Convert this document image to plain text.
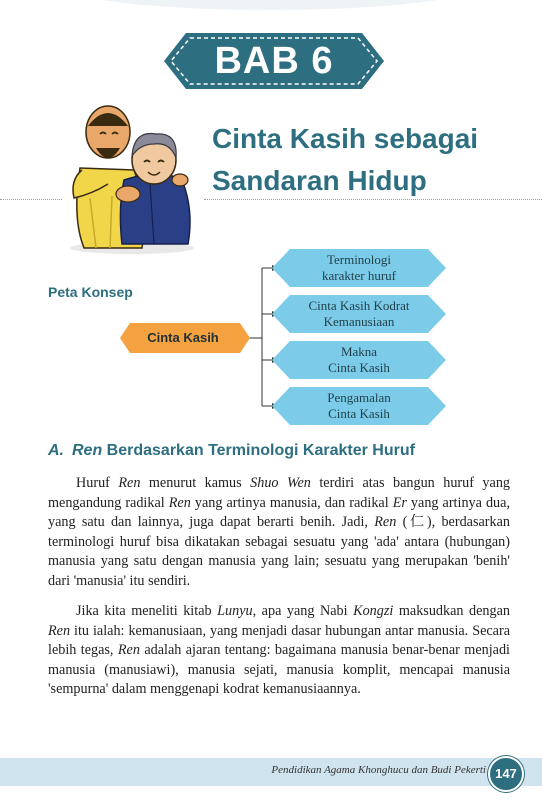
BAB 6
Cinta Kasih sebagai
Sandaran Hidup
Peta Konsep
Cinta Kasih
Terminologi
karakter huruf
Cinta Kasih Kodrat
Kemanusiaan
Makna
Cinta Kasih
Pengamalan
Cinta Kasih
A. Ren Berdasarkan Terminologi Karakter Huruf

Huruf Ren menurut kamus Shuo Wen terdiri atas bangun huruf yang mengandung radikal Ren yang artinya manusia, dan radikal Er yang artinya dua, yang satu dan lainnya, juga dapat berarti benih. Jadi, Ren (仁), berdasarkan terminologi huruf bisa dikatakan sebagai sesuatu yang 'ada' antara (hubungan) manusia yang satu dengan manusia yang lain; sesuatu yang merupakan 'benih' dari 'manusia' itu sendiri.

Jika kita meneliti kitab Lunyu, apa yang Nabi Kongzi maksudkan dengan Ren itu ialah: kemanusiaan, yang menjadi dasar hubungan antar manusia. Secara lebih tegas, Ren adalah ajaran tentang: bagaimana manusia benar-benar menjadi manusia (manusiawi), manusia sejati, manusia komplit, mencapai manusia 'sempurna' dalam menggenapi kodrat kemanusiaannya.

Pendidikan Agama Khonghucu dan Budi Pekerti 147
